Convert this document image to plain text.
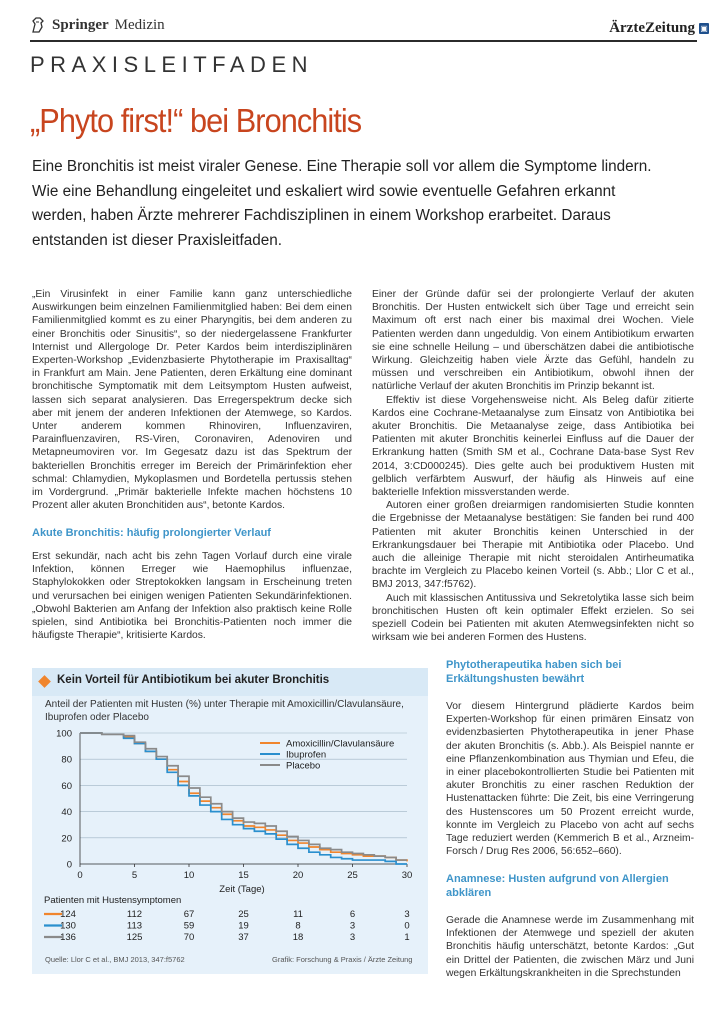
Springer Medizin	ÄrzteZeitung ▣
PRAXISLEITFADEN
„Phyto first!“ bei Bronchitis
Eine Bronchitis ist meist viraler Genese. Eine Therapie soll vor allem die Symptome lindern.
Wie eine Behandlung eingeleitet und eskaliert wird sowie eventuelle Gefahren erkannt
werden, haben Ärzte mehrerer Fachdisziplinen in einem Workshop erarbeitet. Daraus
entstanden ist dieser Praxisleitfaden.

„Ein Virusinfekt in einer Familie kann ganz unterschiedliche Auswirkungen beim einzelnen Familienmitglied haben: Bei dem einen Familienmitglied kommt es zu einer Pharyngitis, bei dem anderen zu einer Bronchitis oder Sinusitis“, so der niedergelassene Frankfurter Internist und Allergologe Dr. Peter Kardos beim interdisziplinären Experten-Workshop „Evidenzbasierte Phytotherapie im Praxisalltag“ in Frankfurt am Main. Jene Patienten, deren Erkältung eine dominant bronchitische Symptomatik mit dem Leitsymptom Husten aufweist, lassen sich separat analysieren. Das Erregerspektrum decke sich aber mit jenem der anderen Infektionen der Atemwege, so Kardos. Unter anderem kommen Rhinoviren, Influenzaviren, Parainfluenzaviren, RS-Viren, Coronaviren, Adenoviren und Metapneumoviren vor. Im Gegesatz dazu ist das Spektrum der bakteriellen Bronchitis erreger im Bereich der Primärinfektion eher schmal: Chlamydien, Mykoplasmen und Bordetella pertussis stehen im Vordergrund. „Primär bakterielle Infekte machen höchstens 10 Prozent aller akuten Bronchitiden aus“, betonte Kardos.

Akute Bronchitis: häufig prolongierter Verlauf

Erst sekundär, nach acht bis zehn Tagen Vorlauf durch eine virale Infektion, können Erreger wie Haemophilus influenzae, Staphylokokken oder Streptokokken langsam in Erscheinung treten und verursachen bei einigen wenigen Patienten Sekundärinfektionen. „Obwohl Bakterien am Anfang der Infektion also praktisch keine Rolle spielen, sind Antibiotika bei Bronchitis-Patienten noch immer die häufigste Therapie“, kritisierte Kardos.

Einer der Gründe dafür sei der prolongierte Verlauf der akuten Bronchitis. Der Husten entwickelt sich über Tage und erreicht sein Maximum oft erst nach einer bis maximal drei Wochen. Viele Patienten werden dann ungeduldig. Von einem Antibiotikum erwarten sie eine schnelle Heilung – und überschätzen dabei die antibiotische Wirkung. Gleichzeitig haben viele Ärzte das Gefühl, handeln zu müssen und verschreiben ein Antibiotikum, obwohl ihnen der natürliche Verlauf der akuten Bronchitis im Prinzip bekannt ist.

Effektiv ist diese Vorgehensweise nicht. Als Beleg dafür zitierte Kardos eine Cochrane-Metaanalyse zum Einsatz von Antibiotika bei akuter Bronchitis. Die Metaanalyse zeige, dass Antibiotika bei Patienten mit akuter Bronchitis keinerlei Einfluss auf die Dauer der Erkrankung hatten (Smith SM et al., Cochrane Data-base Syst Rev 2014, 3:CD000245). Dies gelte auch bei produktivem Husten mit gelblich verfärbtem Auswurf, der häufig als Hinweis auf eine bakterielle Infektion missverstanden werde.

Autoren einer großen dreiarmigen randomisierten Studie konnten die Ergebnisse der Metaanalyse bestätigen: Sie fanden bei rund 400 Patienten mit akuter Bronchitis keinen Unterschied in der Erkrankungsdauer bei Therapie mit Antibiotika oder Placebo. Und auch die alleinige Therapie mit nicht steroidalen Antirheumatika brachte im Vergleich zu Placebo keinen Vorteil (s. Abb.; Llor C et al., BMJ 2013, 347:f5762).

Auch mit klassischen Antitussiva und Sekretolytika lasse sich beim bronchitischen Husten oft kein optimaler Effekt erzielen. So sei speziell Codein bei Patienten mit akuten Atemwegsinfekten nicht so wirksam wie bei anderen Formen des Hustens.

Phytotherapeutika haben sich bei Erkältungshusten bewährt

Vor diesem Hintergrund plädierte Kardos beim Experten-Workshop für einen primären Einsatz von evidenzbasierten Phytotherapeutika in jener Phase der akuten Bronchitis (s. Abb.). Als Beispiel nannte er eine Pflanzenkombination aus Thymian und Efeu, die in einer placebokontrollierten Studie bei Patienten mit akuter Bronchitis zu einer raschen Reduktion der Hustenattacken führte: Die Zeit, bis eine Verringerung des Hustenscores um 50 Prozent erreicht wurde, konnte im Vergleich zu Placebo von acht auf sechs Tage reduziert werden (Kemmerich B et al., Arzneim-Forsch / Drug Res 2006, 56:652–660).

Anamnese: Husten aufgrund von Allergien abklären

Gerade die Anamnese werde im Zusammenhang mit Infektionen der Atemwege und speziell der akuten Bronchitis häufig unterschätzt, betonte Kardos: „Gut ein Drittel der Patienten, die zwischen März und Juni wegen Erkältungskrankheiten in die Sprechstunden

Kein Vorteil für Antibiotikum bei akuter Bronchitis
Anteil der Patienten mit Husten (%) unter Therapie mit Amoxicillin/Clavulansäure, Ibuprofen oder Placebo
0
20
40
60
80
100
0	5	10	15	20	25	30
Amoxicillin/Clavulansäure
Ibuprofen
Placebo
Zeit (Tage)
Patienten mit Hustensymptomen
124	112	67	25	11	6	3
130	113	59	19	8	3	0
136	125	70	37	18	3	1
Quelle: Llor C et al., BMJ 2013, 347:f5762	Grafik: Forschung & Praxis / Ärzte Zeitung
